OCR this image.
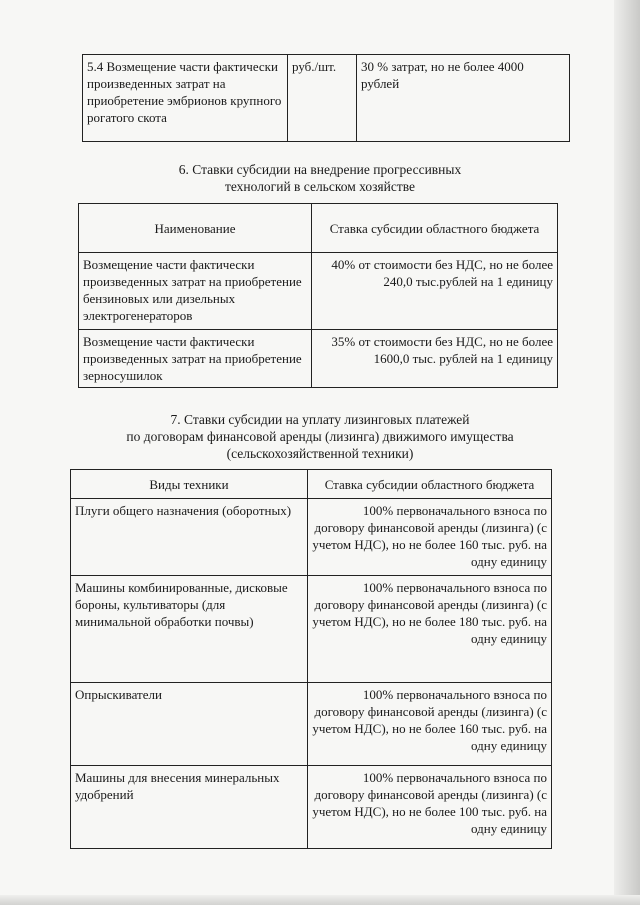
5.4 Возмещение части фактически произведенных затрат на приобретение эмбрионов крупного рогатого скота	руб./шт.	30 % затрат, но не более 4000 рублей
6. Ставки субсидии на внедрение прогрессивных
технологий в сельском хозяйстве
Наименование	Ставка субсидии областного бюджета
Возмещение части фактически произведенных затрат на приобретение бензиновых или дизельных электрогенераторов	40% от стоимости без НДС, но не более 240,0 тыс.рублей на 1 единицу
Возмещение части фактически произведенных затрат на приобретение зерносушилок	35% от стоимости без НДС, но не более 1600,0 тыс. рублей на 1 единицу
7. Ставки субсидии на уплату лизинговых платежей
по договорам финансовой аренды (лизинга) движимого имущества
(сельскохозяйственной техники)
Виды техники	Ставка субсидии областного бюджета
Плуги общего назначения (оборотных)	100% первоначального взноса по договору финансовой аренды (лизинга) (с учетом НДС), но не более 160 тыс. руб. на одну единицу
Машины комбинированные, дисковые бороны, культиваторы (для минимальной обработки почвы)	100% первоначального взноса по договору финансовой аренды (лизинга) (с учетом НДС), но не более 180 тыс. руб. на одну единицу
Опрыскиватели	100% первоначального взноса по договору финансовой аренды (лизинга) (с учетом НДС), но не более 160 тыс. руб. на одну единицу
Машины для внесения минеральных удобрений	100% первоначального взноса по договору финансовой аренды (лизинга) (с учетом НДС), но не более 100 тыс. руб. на одну единицу
